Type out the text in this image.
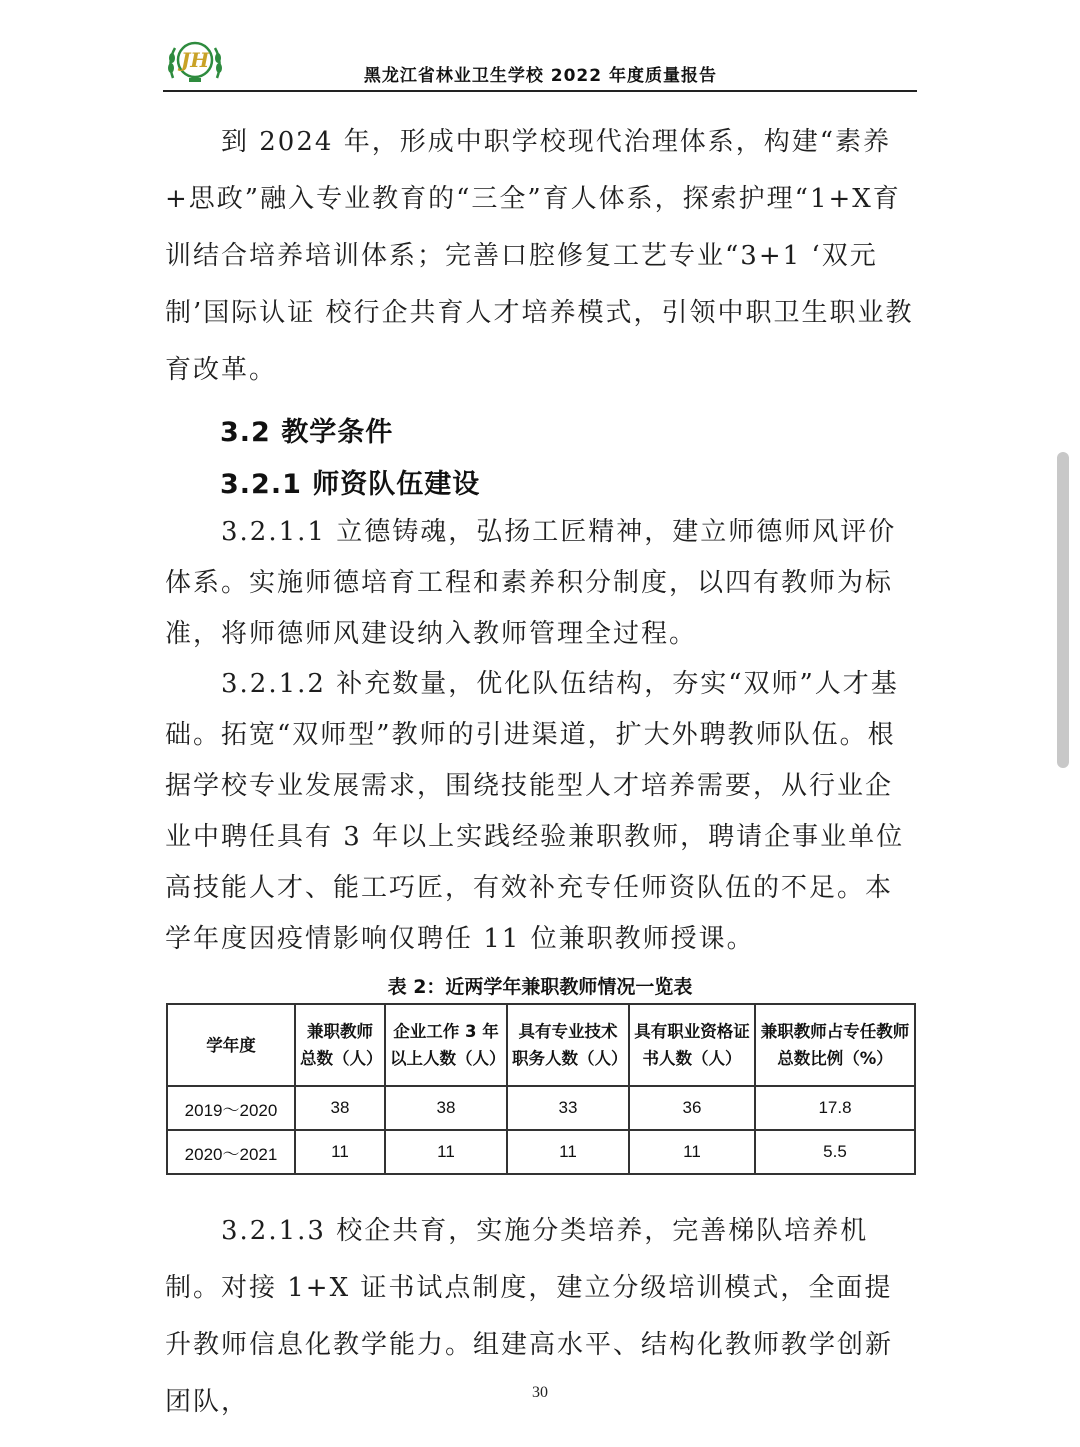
JH
黑龙江省林业卫生学校 2022 年度质量报告
到 2024 年，形成中职学校现代治理体系，构建“素养+思政”融入专业教育的“三全”育人体系，探索护理“1+X育训结合培养培训体系；完善口腔修复工艺专业“3+1 ‘双元制’国际认证 校行企共育人才培养模式，引领中职卫生职业教育改革。
3.2 教学条件
3.2.1 师资队伍建设
3.2.1.1 立德铸魂，弘扬工匠精神，建立师德师风评价体系。实施师德培育工程和素养积分制度，以四有教师为标准，将师德师风建设纳入教师管理全过程。
3.2.1.2 补充数量，优化队伍结构，夯实“双师”人才基础。拓宽“双师型”教师的引进渠道，扩大外聘教师队伍。根据学校专业发展需求，围绕技能型人才培养需要，从行业企业中聘任具有 3 年以上实践经验兼职教师，聘请企事业单位高技能人才、能工巧匠，有效补充专任师资队伍的不足。本学年度因疫情影响仅聘任 11 位兼职教师授课。
表 2：近两学年兼职教师情况一览表
学年度	兼职教师总数（人）	企业工作 3 年以上人数（人）	具有专业技术职务人数（人）	具有职业资格证书人数（人）	兼职教师占专任教师总数比例（%）
2019～2020	38	38	33	36	17.8
2020～2021	11	11	11	11	5.5
3.2.1.3 校企共育，实施分类培养，完善梯队培养机制。对接 1+X 证书试点制度，建立分级培训模式，全面提升教师信息化教学能力。组建高水平、结构化教师教学创新团队，	30
